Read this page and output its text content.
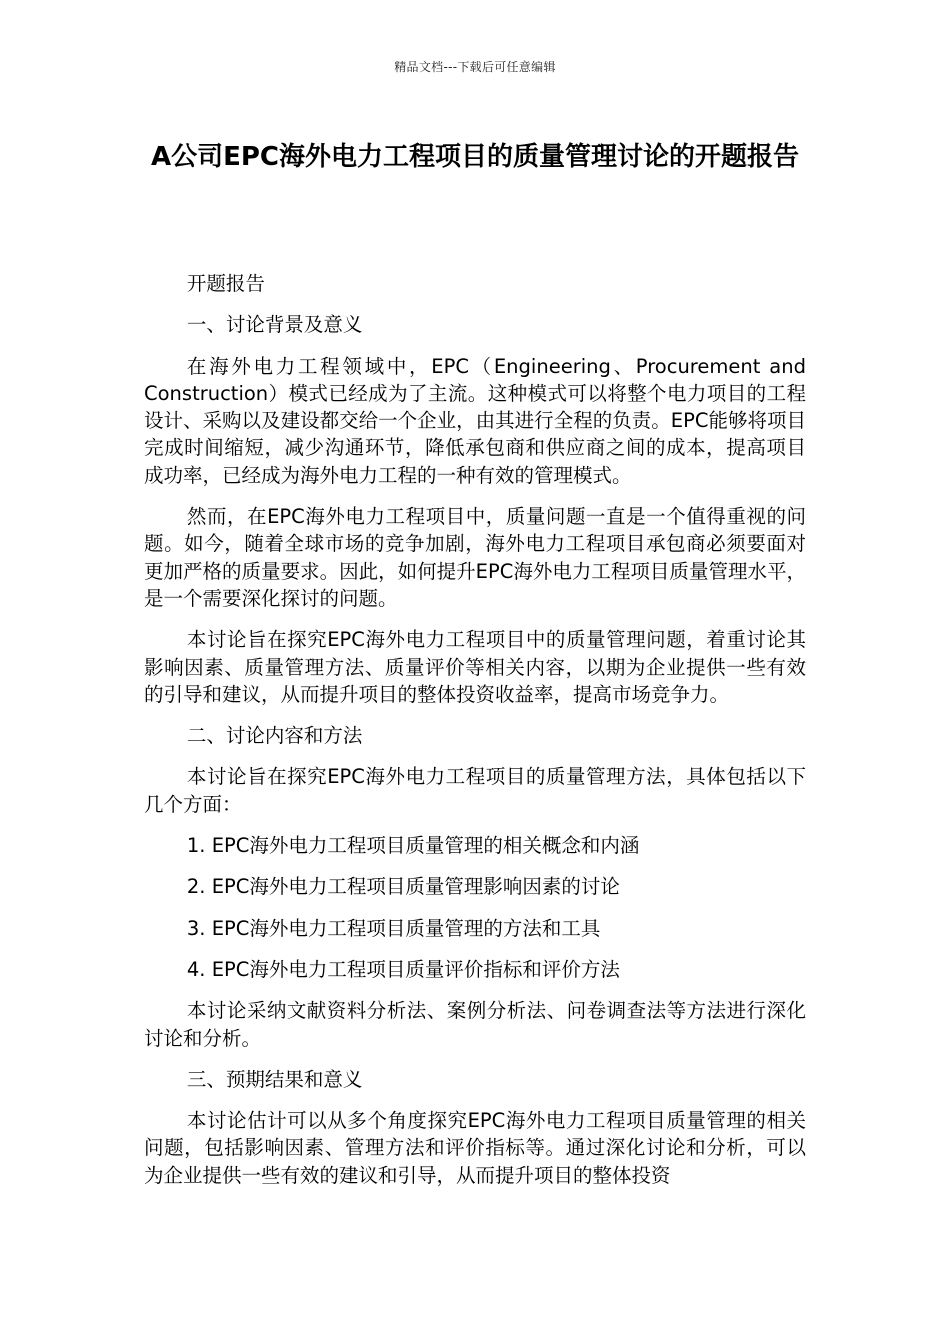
精品文档---下载后可任意编辑
A公司EPC海外电力工程项目的质量管理讨论的开题报告

开题报告

一、讨论背景及意义

在海外电力工程领域中，EPC（Engineering、Procurement and Construction）模式已经成为了主流。这种模式可以将整个电力项目的工程设计、采购以及建设都交给一个企业，由其进行全程的负责。EPC能够将项目完成时间缩短，减少沟通环节，降低承包商和供应商之间的成本，提高项目成功率，已经成为海外电力工程的一种有效的管理模式。

然而，在EPC海外电力工程项目中，质量问题一直是一个值得重视的问题。如今，随着全球市场的竞争加剧，海外电力工程项目承包商必须要面对更加严格的质量要求。因此，如何提升EPC海外电力工程项目质量管理水平，是一个需要深化探讨的问题。

本讨论旨在探究EPC海外电力工程项目中的质量管理问题，着重讨论其影响因素、质量管理方法、质量评价等相关内容，以期为企业提供一些有效的引导和建议，从而提升项目的整体投资收益率，提高市场竞争力。

二、讨论内容和方法

本讨论旨在探究EPC海外电力工程项目的质量管理方法，具体包括以下几个方面：

1. EPC海外电力工程项目质量管理的相关概念和内涵

2. EPC海外电力工程项目质量管理影响因素的讨论

3. EPC海外电力工程项目质量管理的方法和工具

4. EPC海外电力工程项目质量评价指标和评价方法

本讨论采纳文献资料分析法、案例分析法、问卷调查法等方法进行深化讨论和分析。

三、预期结果和意义

本讨论估计可以从多个角度探究EPC海外电力工程项目质量管理的相关问题，包括影响因素、管理方法和评价指标等。通过深化讨论和分析，可以为企业提供一些有效的建议和引导，从而提升项目的整体投资
